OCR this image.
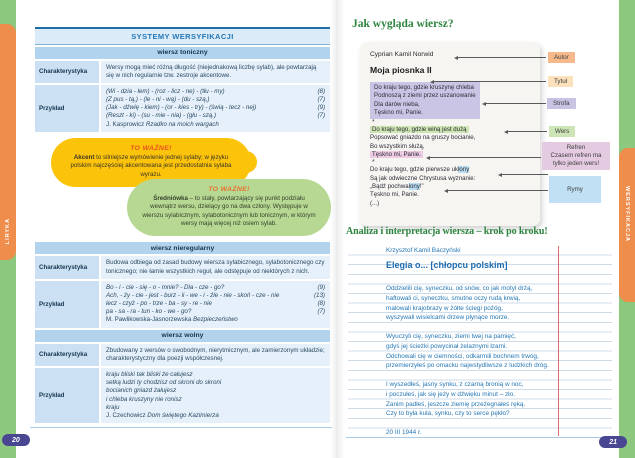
LIRYKA
SYSTEMY WERSYFIKACJI
wiersz toniczny
Charakterystyka
Wersy mogą mieć różną długość (niejednakową liczbę sylab), ale powtarzają się w nich regularnie tzw. zestroje akcentowe.
Przykład
(Wi - dzia - łem) - (roz - licz - ne) - (tłu - my)	(8)
(Z pus - tą,) - (le - ni - wą) - (du - szą,)	(7)
(Jak - dźwię - kiem) - (or - kies - try) - (świą - tecz - nej)	(9)
(Reszt - ki) - (su - mie - nia) - (głu - szą.)	(7)
J. Kasprowicz Rzadko na moich wargach
TO WAŻNE!
Akcent to silniejsze wymówienie jednej sylaby; w języku polskim najczęściej akcentowana jest przedostatnia sylaba wyrazu.
TO WAŻNE!
Średniówka – to stały, powtarzający się punkt podziału wewnątrz wersu, dzielący go na dwa człony. Występuje w wierszu sylabicznym, sylabotonicznym lub tonicznym, w którym wersy mają więcej niż osiem sylab.
wiersz nieregularny
Charakterystyka
Budowa odbiega od zasad budowy wiersza sylabicznego, sylabotonicznego czy tonicznego; nie łamie wszystkich reguł, ale odstępuje od niektórych z nich.
Przykład
Bo - i - cie - się - o - mnie? - Dla - cze - go?	(9)
Ach, - ży - cie - jest - burz - li - we - i - źle - nie - skoń - cze - nie	(13)
lecz - czyż - po - trze - ba - sy - re - nie	(8)
pa - sa - ra - tun - ko - we - go?	(7)
M. Pawlikowska-Jasnorzewska Bezpieczeństwo
wiersz wolny
Charakterystyka
Zbudowany z wersów o swobodnym, nierytmicznym, ale zamierzonym układzie; charakterystyczny dla poezji współczesnej.
Przykład
kraju bliski tak bliski że całujesz
setką ludzi ty chodzisz od skroni do skroni
bocianich gniazd żałujesz
i chleba kruszyny nie ronisz
kraju
J. Czechowicz Dom świętego Kazimierza
20
Jak wygląda wiersz?
Cyprian Kamil Norwid
Moja piosnka II
Do kraju tego, gdzie kruszynę chleba
Podnoszą z ziemi przez uszanowanie
Dla darów nieba,
Tęskno mi, Panie.
*
Do kraju tego, gdzie winą jest dużą
Popsować gniazdo na gruszy bocianie,
Bo wszystkim służą,
Tęskno mi, Panie.
*
Do kraju tego, gdzie pierwsze ukłony
Są jak odwieczne Chrystusa wyznanie:
„Bądź pochwalony!”
Tęskno mi, Panie.
(...)
Autor
Tytuł
Strofa
Wers
Refren
Czasem refren ma tylko jeden wers!
Rymy
Analiza i interpretacja wiersza – krok po kroku!
Krzysztof Kamil Baczyński
Elegia o... [chłopcu polskim]
Oddzielili cię, syneczku, od snów, co jak motyl drżą,
haftowali ci, syneczku, smutne oczy rudą krwią,
malowali krajobrazy w żółte ściegi pożóg,
wyszywali wisielcami drzew płynące morze.
Wyuczyli cię, syneczku, ziemi twej na pamięć,
gdyś jej ścieżki powycinał żelaznymi łzami.
Odchowali cię w ciemności, odkarmili bochnem trwóg,
przemierzyłeś po omacku najwstydliwsze z ludzkich dróg.
I wyszedłeś, jasny synku, z czarną bronią w noc,
i poczułeś, jak się jeży w dźwięku minut – zło.
Zanim padłeś, jeszcze ziemię przeżegnałeś ręką.
Czy to była kula, synku, czy to serce pękło?
20 III 1944 r.
21
WERSYFIKACJA
